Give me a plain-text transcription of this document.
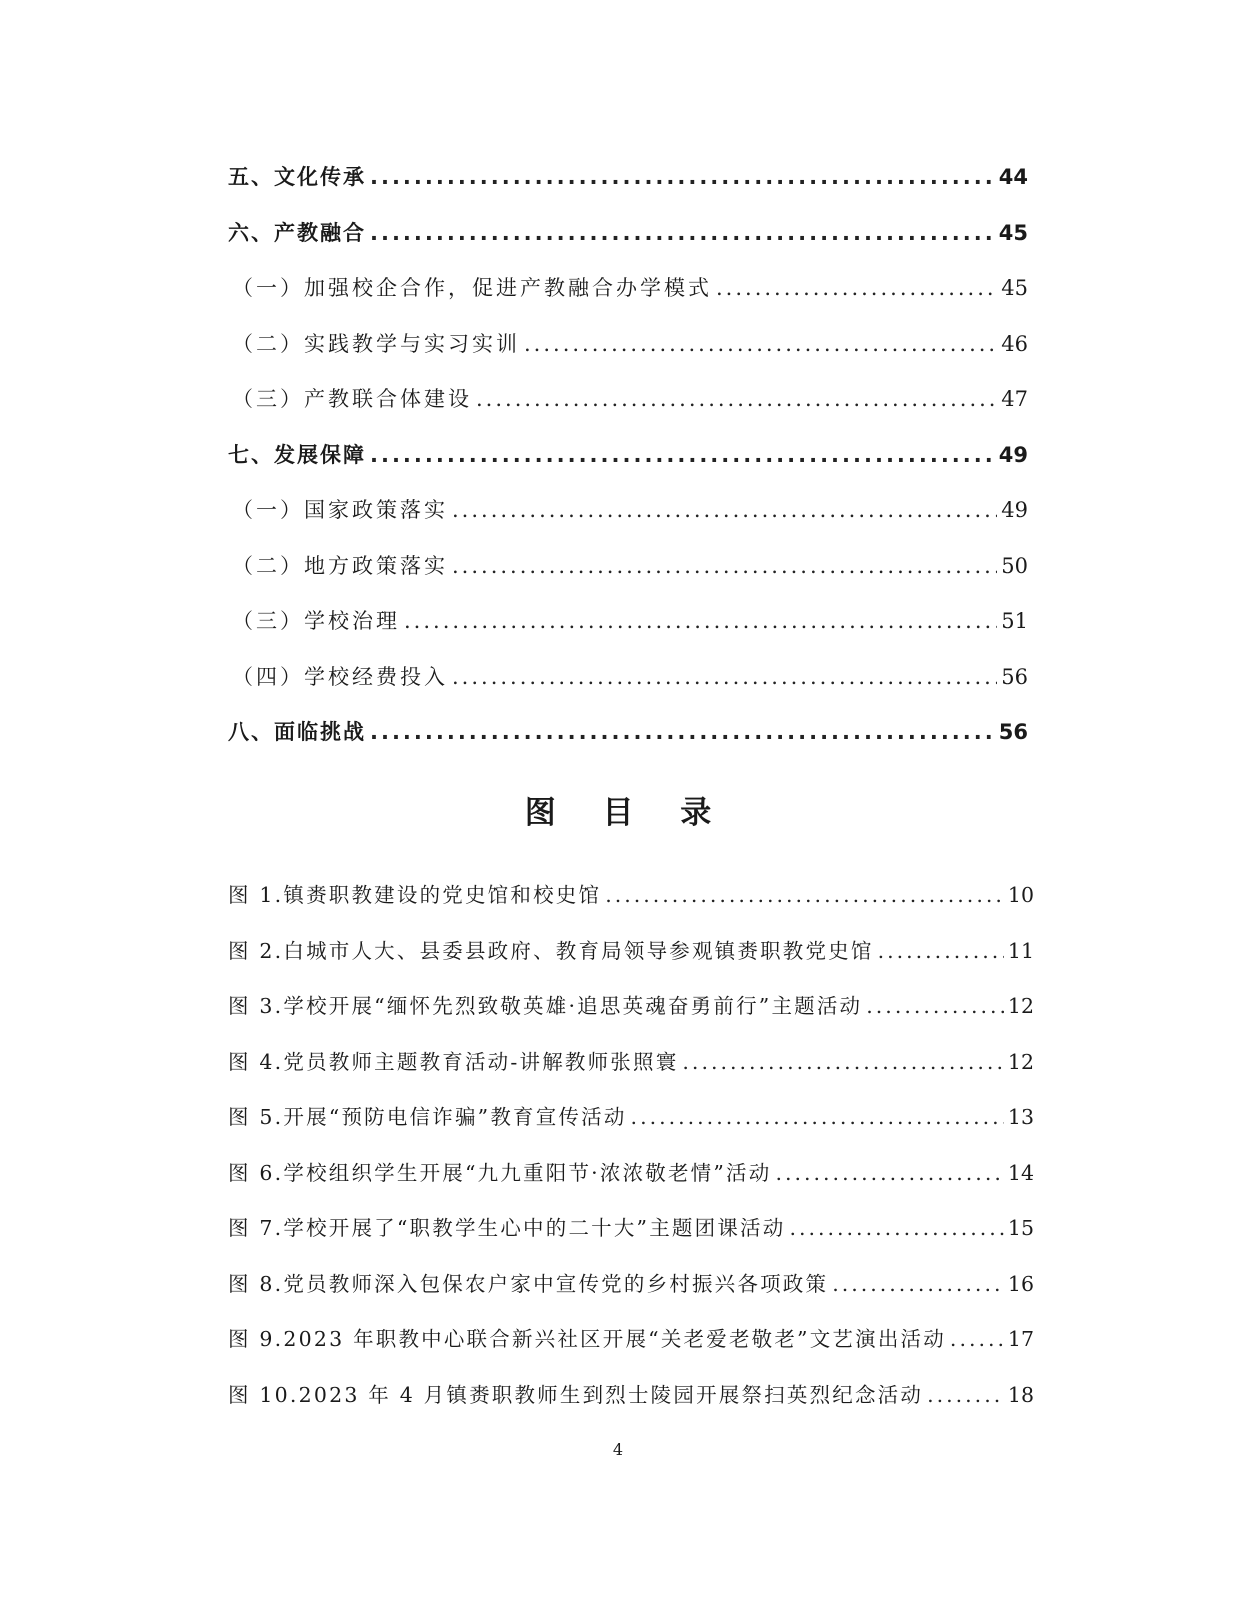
五、文化传承 .....	44
六、产教融合 .....	45
（一）加强校企合作，促进产教融合办学模式 .....	45
（二）实践教学与实习实训 .....	46
（三）产教联合体建设 .....	47
七、发展保障 .....	49
（一）国家政策落实 .....	49
（二）地方政策落实 .....	50
（三）学校治理 .....	51
（四）学校经费投入 .....	56
八、面临挑战 .....	56
图 目 录
图 1.镇赉职教建设的党史馆和校史馆 .....	10
图 2.白城市人大、县委县政府、教育局领导参观镇赉职教党史馆 .....	11
图 3.学校开展“缅怀先烈致敬英雄·追思英魂奋勇前行”主题活动 .....	12
图 4.党员教师主题教育活动-讲解教师张照寰 .....	12
图 5.开展“预防电信诈骗”教育宣传活动 .....	13
图 6.学校组织学生开展“九九重阳节·浓浓敬老情”活动 .....	14
图 7.学校开展了“职教学生心中的二十大”主题团课活动 .....	15
图 8.党员教师深入包保农户家中宣传党的乡村振兴各项政策 .....	16
图 9.2023 年职教中心联合新兴社区开展“关老爱老敬老”文艺演出活动 .....	17
图 10.2023 年 4 月镇赉职教师生到烈士陵园开展祭扫英烈纪念活动 .....	18
4
